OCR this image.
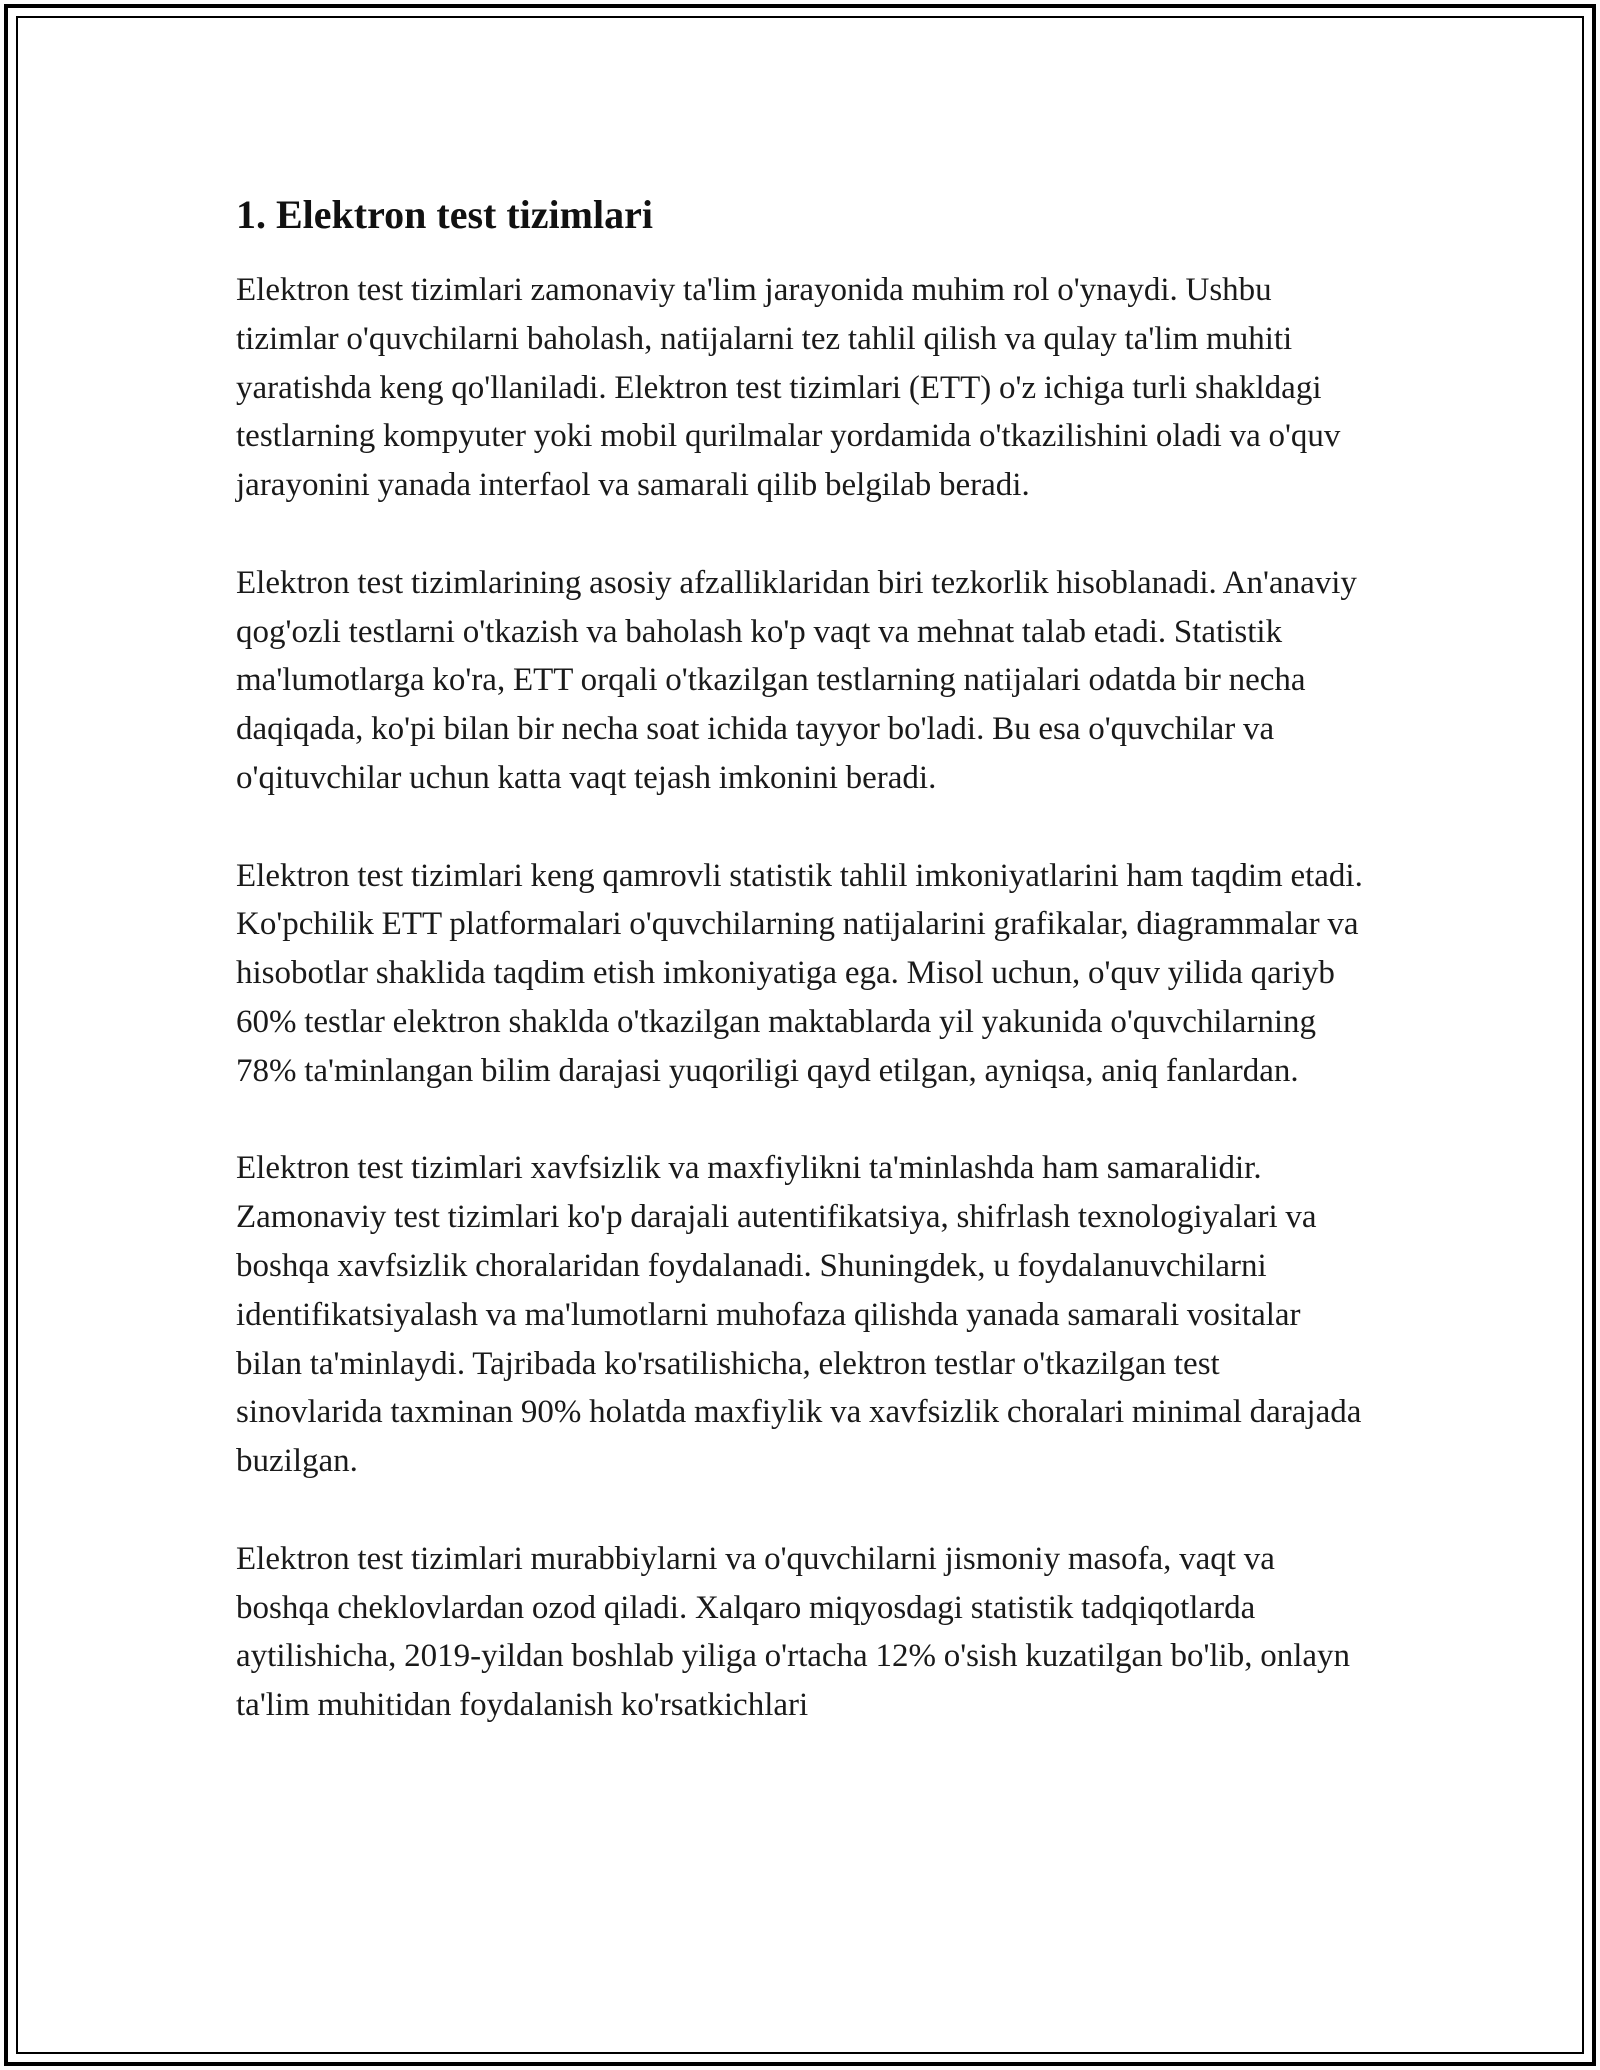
1. Elektron test tizimlari

Elektron test tizimlari zamonaviy ta'lim jarayonida muhim rol o'ynaydi. Ushbu tizimlar o'quvchilarni baholash, natijalarni tez tahlil qilish va qulay ta'lim muhiti yaratishda keng qo'llaniladi. Elektron test tizimlari (ETT) o'z ichiga turli shakldagi testlarning kompyuter yoki mobil qurilmalar yordamida o'tkazilishini oladi va o'quv jarayonini yanada interfaol va samarali qilib belgilab beradi.

Elektron test tizimlarining asosiy afzalliklaridan biri tezkorlik hisoblanadi. An'anaviy qog'ozli testlarni o'tkazish va baholash ko'p vaqt va mehnat talab etadi. Statistik ma'lumotlarga ko'ra, ETT orqali o'tkazilgan testlarning natijalari odatda bir necha daqiqada, ko'pi bilan bir necha soat ichida tayyor bo'ladi. Bu esa o'quvchilar va o'qituvchilar uchun katta vaqt tejash imkonini beradi.

Elektron test tizimlari keng qamrovli statistik tahlil imkoniyatlarini ham taqdim etadi. Ko'pchilik ETT platformalari o'quvchilarning natijalarini grafikalar, diagrammalar va hisobotlar shaklida taqdim etish imkoniyatiga ega. Misol uchun, o'quv yilida qariyb 60% testlar elektron shaklda o'tkazilgan maktablarda yil yakunida o'quvchilarning 78% ta'minlangan bilim darajasi yuqoriligi qayd etilgan, ayniqsa, aniq fanlardan.

Elektron test tizimlari xavfsizlik va maxfiylikni ta'minlashda ham samaralidir. Zamonaviy test tizimlari ko'p darajali autentifikatsiya, shifrlash texnologiyalari va boshqa xavfsizlik choralaridan foydalanadi. Shuningdek, u foydalanuvchilarni identifikatsiyalash va ma'lumotlarni muhofaza qilishda yanada samarali vositalar bilan ta'minlaydi. Tajribada ko'rsatilishicha, elektron testlar o'tkazilgan test sinovlarida taxminan 90% holatda maxfiylik va xavfsizlik choralari minimal darajada buzilgan.

Elektron test tizimlari murabbiylarni va o'quvchilarni jismoniy masofa, vaqt va boshqa cheklovlardan ozod qiladi. Xalqaro miqyosdagi statistik tadqiqotlarda aytilishicha, 2019-yildan boshlab yiliga o'rtacha 12% o'sish kuzatilgan bo'lib, onlayn ta'lim muhitidan foydalanish ko'rsatkichlari
